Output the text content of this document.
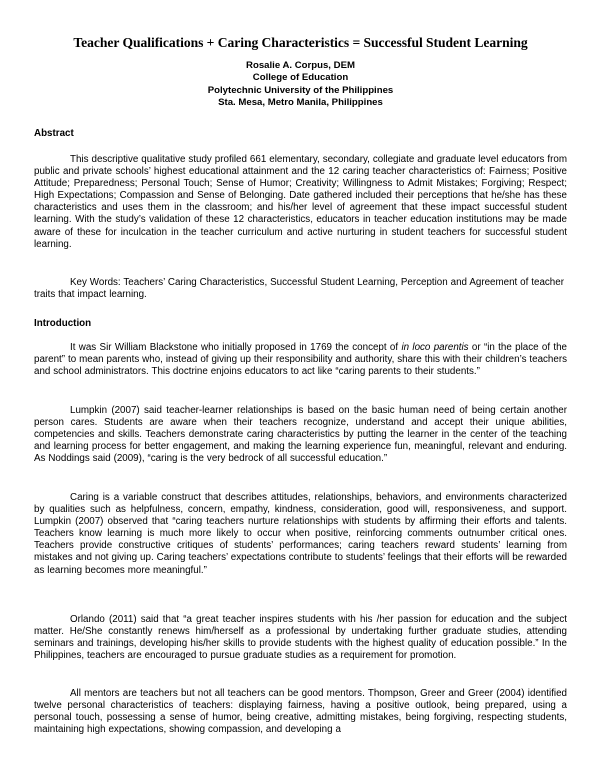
Teacher Qualifications + Caring Characteristics = Successful Student Learning
Rosalie A. Corpus, DEM
College of Education
Polytechnic University of the Philippines
Sta. Mesa, Metro Manila, Philippines
Abstract

This descriptive qualitative study profiled 661 elementary, secondary, collegiate and graduate level educators from public and private schools’ highest educational attainment and the 12 caring teacher characteristics of: Fairness; Positive Attitude; Preparedness; Personal Touch; Sense of Humor; Creativity; Willingness to Admit Mistakes; Forgiving; Respect; High Expectations; Compassion and Sense of Belonging. Date gathered included their perceptions that he/she has these characteristics and uses them in the classroom; and his/her level of agreement that these impact successful student learning. With the study’s validation of these 12 characteristics, educators in teacher education institutions may be made aware of these for inculcation in the teacher curriculum and active nurturing in student teachers for successful student learning.

Key Words: Teachers’ Caring Characteristics, Successful Student Learning, Perception and Agreement of teacher traits that impact learning.

Introduction

It was Sir William Blackstone who initially proposed in 1769 the concept of in loco parentis or “in the place of the parent” to mean parents who, instead of giving up their responsibility and authority, share this with their children’s teachers and school administrators. This doctrine enjoins educators to act like “caring parents to their students.”

Lumpkin (2007) said teacher-learner relationships is based on the basic human need of being certain another person cares. Students are aware when their teachers recognize, understand and accept their unique abilities, competencies and skills. Teachers demonstrate caring characteristics by putting the learner in the center of the teaching and learning process for better engagement, and making the learning experience fun, meaningful, relevant and enduring. As Noddings said (2009), “caring is the very bedrock of all successful education.”

Caring is a variable construct that describes attitudes, relationships, behaviors, and environments characterized by qualities such as helpfulness, concern, empathy, kindness, consideration, good will, responsiveness, and support. Lumpkin (2007) observed that “caring teachers nurture relationships with students by affirming their efforts and talents. Teachers know learning is much more likely to occur when positive, reinforcing comments outnumber critical ones. Teachers provide constructive critiques of students’ performances; caring teachers reward students’ learning from mistakes and not giving up. Caring teachers’ expectations contribute to students’ feelings that their efforts will be rewarded as learning becomes more meaningful.”

Orlando (2011) said that “a great teacher inspires students with his /her passion for education and the subject matter. He/She constantly renews him/herself as a professional by undertaking further graduate studies, attending seminars and trainings, developing his/her skills to provide students with the highest quality of education possible.” In the Philippines, teachers are encouraged to pursue graduate studies as a requirement for promotion.

All mentors are teachers but not all teachers can be good mentors. Thompson, Greer and Greer (2004) identified twelve personal characteristics of teachers: displaying fairness, having a positive outlook, being prepared, using a personal touch, possessing a sense of humor, being creative, admitting mistakes, being forgiving, respecting students, maintaining high expectations, showing compassion, and developing a
